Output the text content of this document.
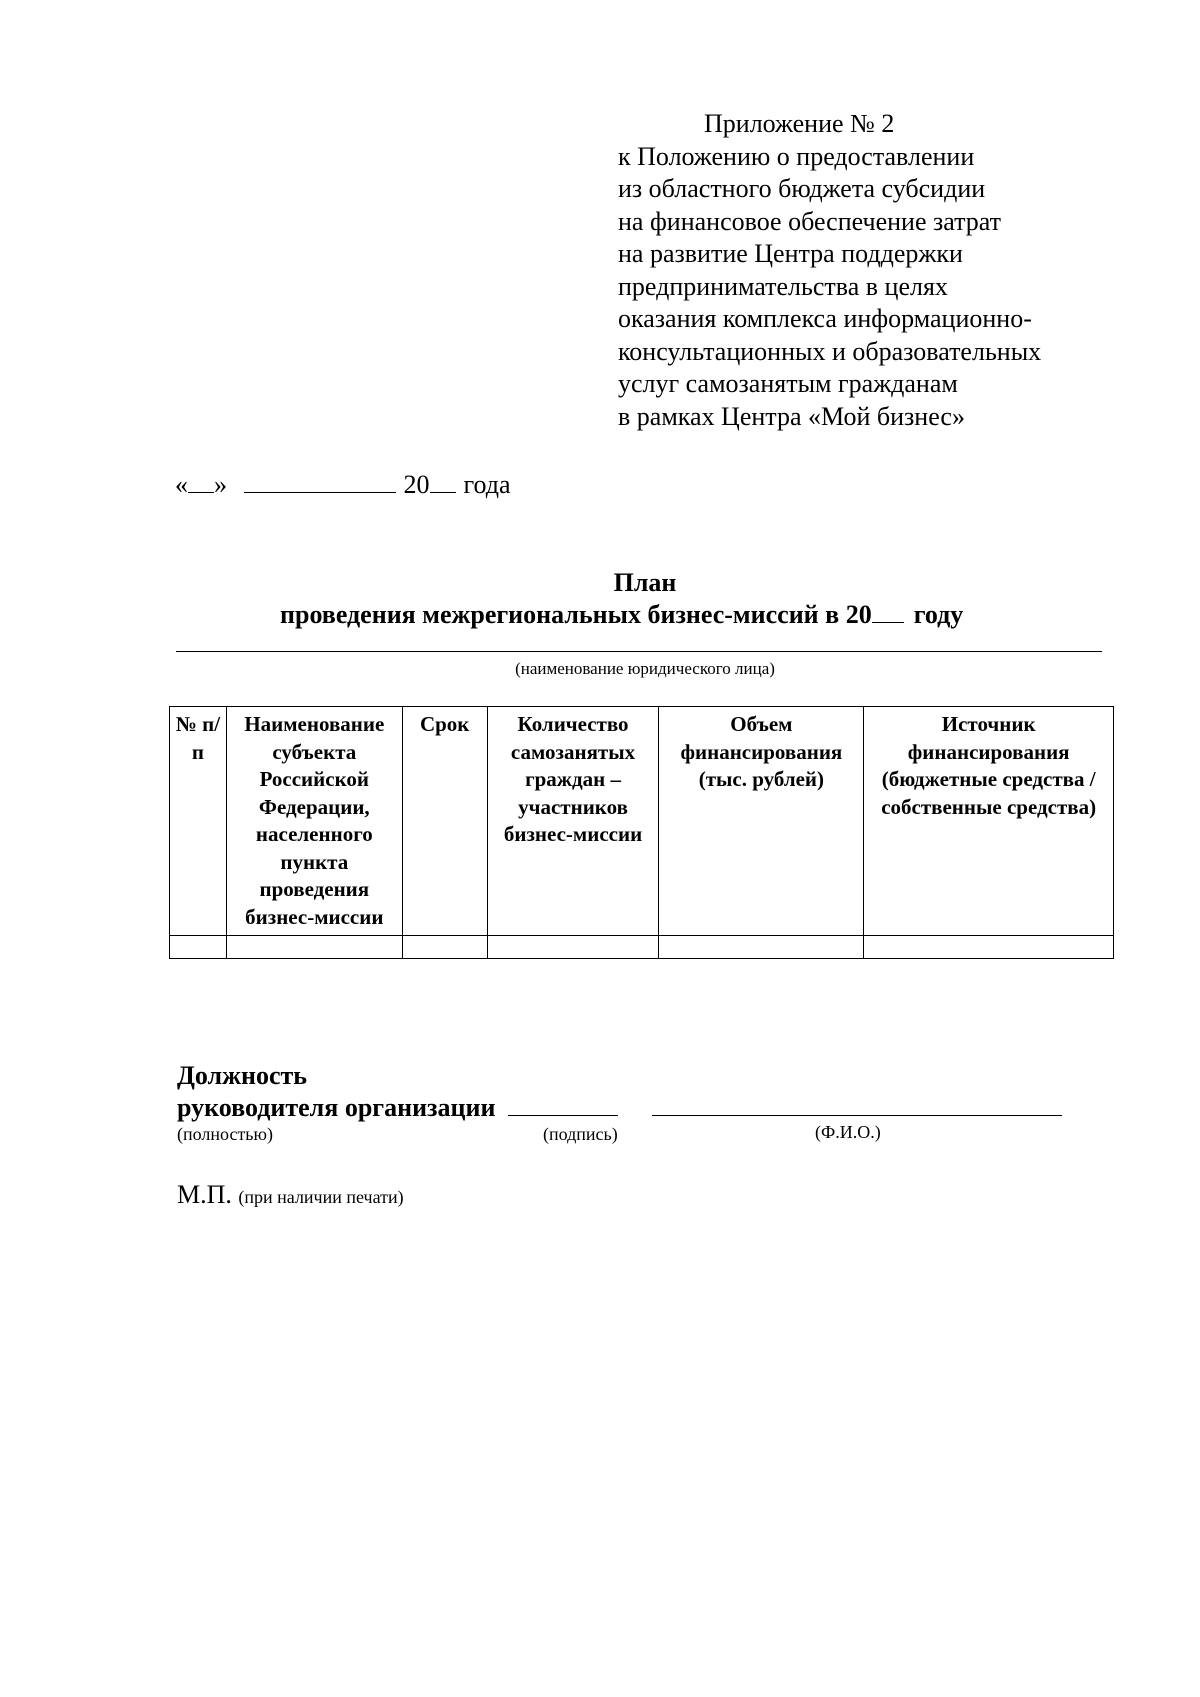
Приложение № 2
к Положению о предоставлении
из областного бюджета субсидии
на финансовое обеспечение затрат
на развитие Центра поддержки
предпринимательства в целях
оказания комплекса информационно-
консультационных и образовательных
услуг самозанятым гражданам
в рамках Центра «Мой бизнес»
« »	20 года
План
проведения межрегиональных бизнес-миссий в 20 году
(наименование юридического лица)
№ п/п	Наименование субъекта Российской Федерации, населенного пункта проведения бизнес-миссии	Срок	Количество самозанятых граждан – участников бизнес-миссии	Объем финансирования (тыс. рублей)	Источник финансирования (бюджетные средства / собственные средства)

Должность
руководителя организации
(полностью)	(подпись)	(Ф.И.О.)
М.П. (при наличии печати)
